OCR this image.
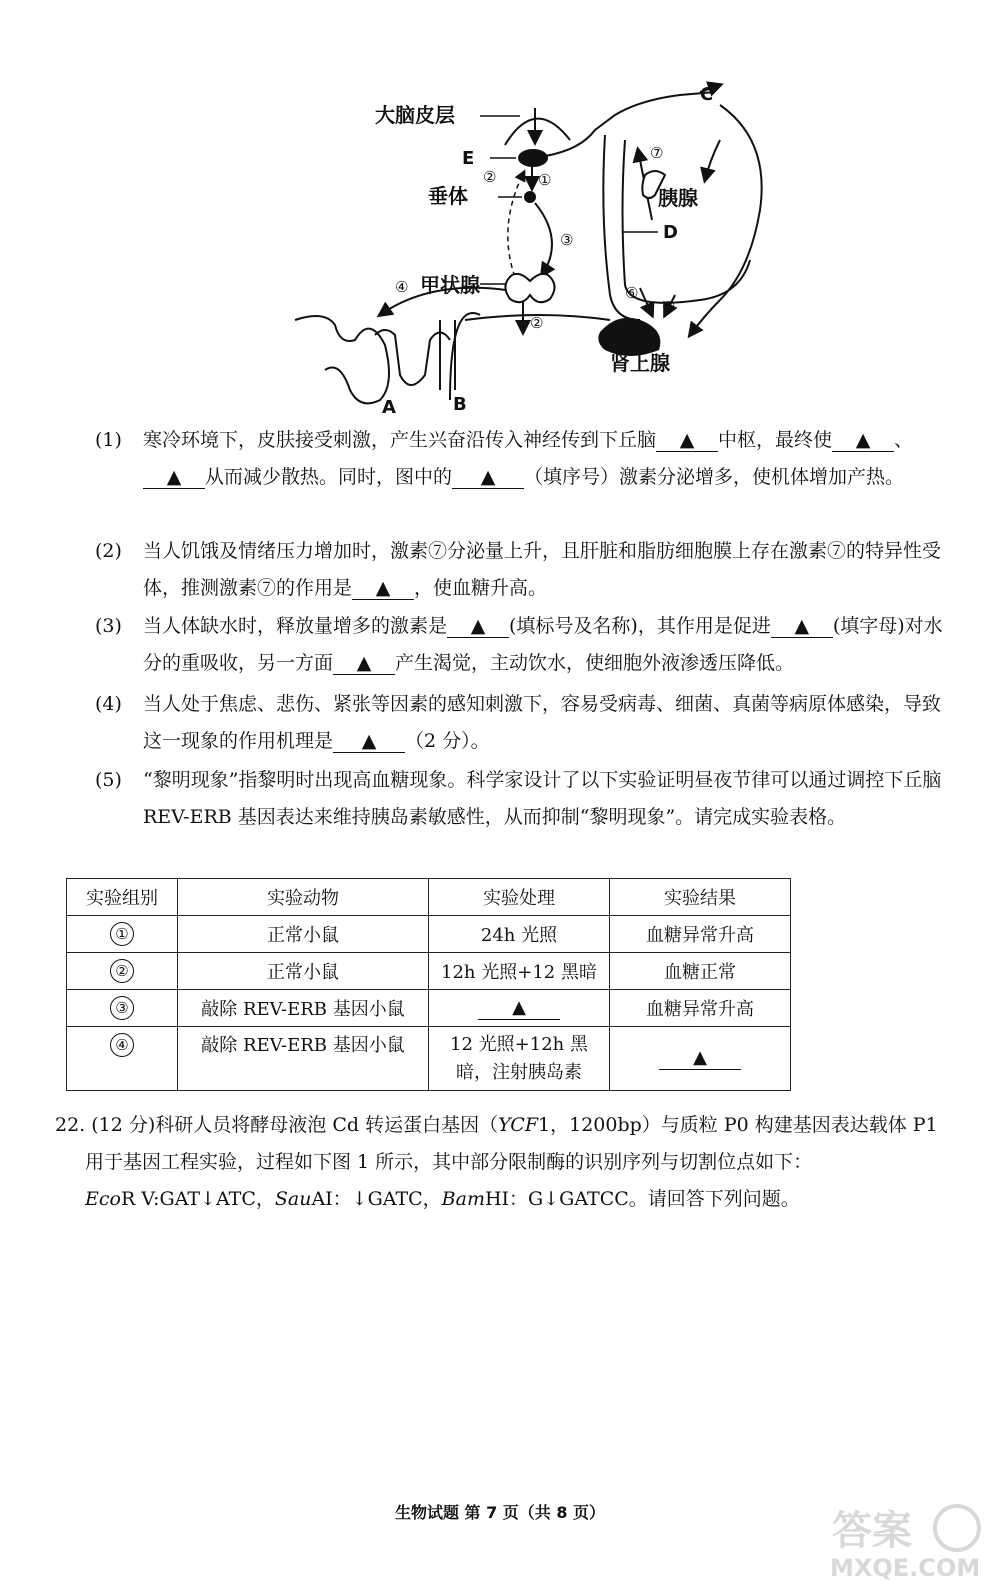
大脑皮层
垂体
甲状腺
胰腺
肾上腺
A	B
C
D
E
①
②
②
③
④
⑤
⑥
⑦
(1)	寒冷环境下，皮肤接受刺激，产生兴奋沿传入神经传到下丘脑 ▲ 中枢，最终使 ▲ 、▲ 从而减少散热。同时，图中的 ▲ （填序号）激素分泌增多，使机体增加产热。
(2)	当人饥饿及情绪压力增加时，激素⑦分泌量上升，且肝脏和脂肪细胞膜上存在激素⑦的特异性受体，推测激素⑦的作用是 ▲ ，使血糖升高。
(3)	当人体缺水时，释放量增多的激素是 ▲ (填标号及名称)，其作用是促进 ▲ (填字母)对水分的重吸收，另一方面 ▲ 产生渴觉，主动饮水，使细胞外液渗透压降低。
(4)	当人处于焦虑、悲伤、紧张等因素的感知刺激下，容易受病毒、细菌、真菌等病原体感染，导致这一现象的作用机理是 ▲ （2 分）。
(5)	“黎明现象”指黎明时出现高血糖现象。科学家设计了以下实验证明昼夜节律可以通过调控下丘脑 REV-ERB 基因表达来维持胰岛素敏感性，从而抑制“黎明现象”。请完成实验表格。
实验组别	实验动物	实验处理	实验结果
①	正常小鼠	24h 光照	血糖异常升高
②	正常小鼠	12h 光照+12 黑暗	血糖正常
③	敲除 REV-ERB 基因小鼠	▲	血糖异常升高
④	敲除 REV-ERB 基因小鼠	12 光照+12h 黑暗，注射胰岛素	▲
22. (12 分)科研人员将酵母液泡 Cd 转运蛋白基因（YCF1，1200bp）与质粒 P0 构建基因表达载体 P1 用于基因工程实验，过程如下图 1 所示，其中部分限制酶的识别序列与切割位点如下：
EcoR V:GAT↓ATC，SauAI：↓GATC，BamHI：G↓GATCC。请回答下列问题。
生物试题 第 7 页（共 8 页）	答案
MXQE.COM
